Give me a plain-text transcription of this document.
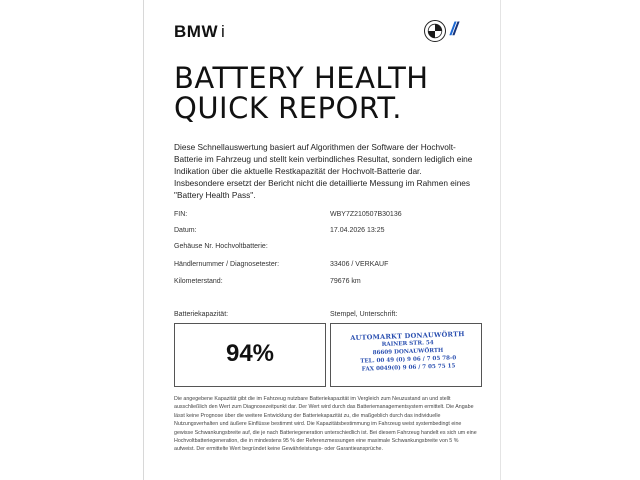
BMW i	//
BATTERY HEALTH
QUICK REPORT.
Diese Schnellauswertung basiert auf Algorithmen der Software der Hochvolt-Batterie im Fahrzeug und stellt kein verbindliches Resultat, sondern lediglich eine Indikation über die aktuelle Restkapazität der Hochvolt-Batterie dar. Insbesondere ersetzt der Bericht nicht die detaillierte Messung im Rahmen eines "Battery Health Pass".
FIN:	WBY7Z210507B30136
Datum:	17.04.2026 13:25
Gehäuse Nr. Hochvoltbatterie:
Händlernummer / Diagnosetester:	33406 / VERKAUF
Kilometerstand:	79676 km
Batteriekapazität:	Stempel, Unterschrift:
94%
AUTOMARKT DONAUWÖRTH
RAINER STR. 54
86609 DONAUWÖRTH
TEL. 00 49 (0) 9 06 / 7 05 78-0
FAX 0049(0) 9 06 / 7 05 75 15
Die angegebene Kapazität gibt die im Fahrzeug nutzbare Batteriekapazität im Vergleich zum Neuzustand an und stellt ausschließlich den Wert zum Diagnosezeitpunkt dar. Der Wert wird durch das Batteriemanagementsystem ermittelt. Die Angabe lässt keine Prognose über die weitere Entwicklung der Batteriekapazität zu, die maßgeblich durch das individuelle Nutzungsverhalten und äußere Einflüsse bestimmt wird. Die Kapazitätsbestimmung im Fahrzeug weist systembedingt eine gewisse Schwankungsbreite auf, die je nach Batteriegeneration unterschiedlich ist. Bei diesem Fahrzeug handelt es sich um eine Hochvoltbatteriegeneration, die in mindestens 95 % der Referenzmessungen eine maximale Schwankungsbreite von 5 % aufweist. Der ermittelte Wert begründet keine Gewährleistungs- oder Garantieansprüche.
